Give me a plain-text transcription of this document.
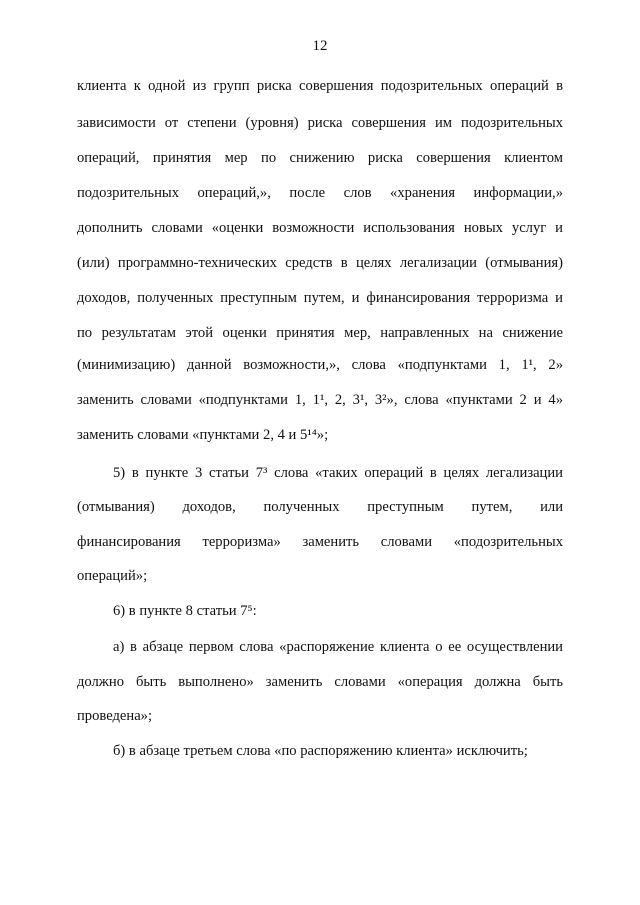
12
клиента к одной из групп риска совершения подозрительных операций в
зависимости от степени (уровня) риска совершения им подозрительных
операций, принятия мер по снижению риска совершения клиентом
подозрительных операций,», после слов «хранения информации,»
дополнить словами «оценки возможности использования новых услуг и
(или) программно-технических средств в целях легализации (отмывания)
доходов, полученных преступным путем, и финансирования терроризма и
по результатам этой оценки принятия мер, направленных на снижение
(минимизацию) данной возможности,», слова «подпунктами 1, 1¹, 2»
заменить словами «подпунктами 1, 1¹, 2, 3¹, 3²», слова «пунктами 2 и 4»
заменить словами «пунктами 2, 4 и 5¹⁴»;
5) в пункте 3 статьи 7³ слова «таких операций в целях легализации
(отмывания) доходов, полученных преступным путем, или
финансирования терроризма» заменить словами «подозрительных
операций»;
6) в пункте 8 статьи 7⁵:
а) в абзаце первом слова «распоряжение клиента о ее осуществлении
должно быть выполнено» заменить словами «операция должна быть
проведена»;
б) в абзаце третьем слова «по распоряжению клиента» исключить;
